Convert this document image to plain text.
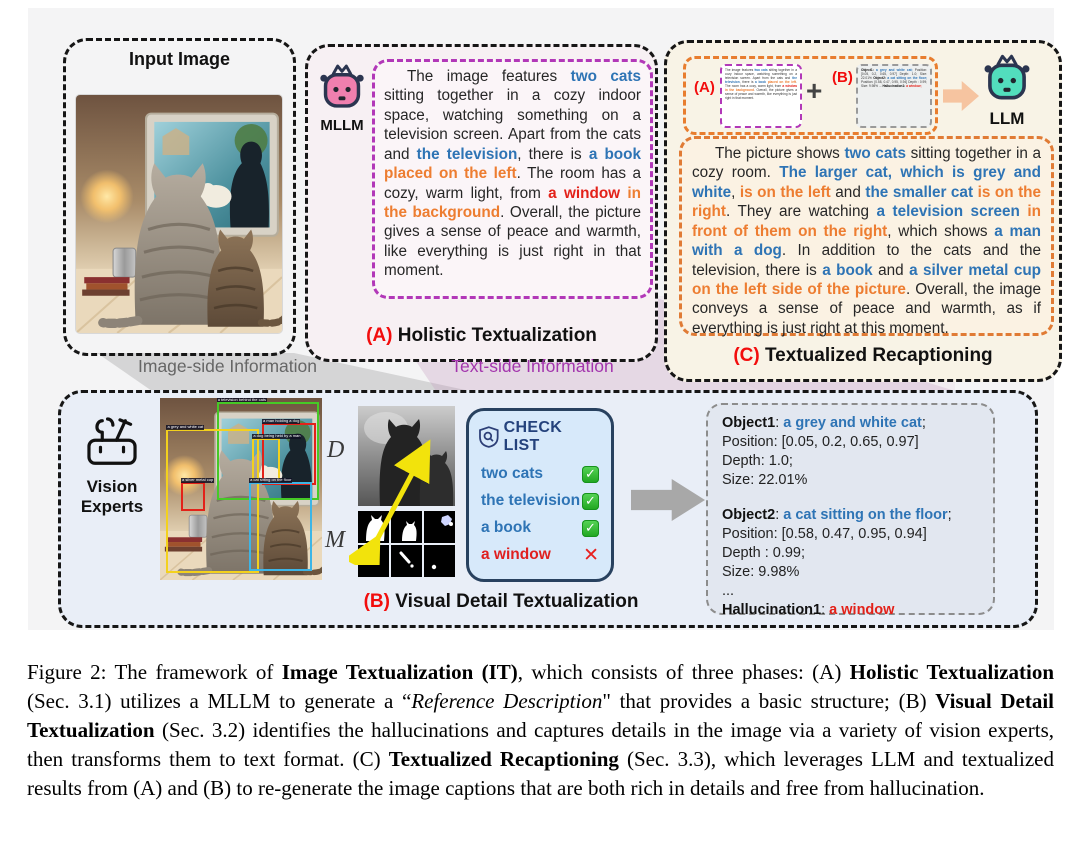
Input Image
MLLM
The image features two cats sitting together in a cozy indoor space, watching something on a television screen. Apart from the cats and the television, there is a book placed on the left. The room has a cozy, warm light, from a window in the background. Overall, the picture gives a sense of peace and warmth, like everything is just right in that moment.
(A) Holistic Textualization
Image-side Information	Text-side Information
(A)
The image features two cats sitting together in a cozy indoor space, watching something on a television screen. Apart from the cats and the television, there is a book placed on the left. The room has a cozy, warm light, from a window in the background. Overall, the picture gives a sense of peace and warmth, like everything is just right in that moment.	+ (B)	Object1: a grey and white cat; Position: [0.05, 0.2, 0.65, 0.97] Depth: 1.0; Size: 22.01% Object2: a cat sitting on the floor; Position: [0.58, 0.47, 0.95, 0.94] Depth : 0.99; Size: 9.98% ... Hallucination1: a window;
LLM
The picture shows two cats sitting together in a cozy room. The larger cat, which is grey and white, is on the left and the smaller cat is on the right. They are watching a television screen in front of them on the right, which shows a man with a dog. In addition to the cats and the television, there is a book and a silver metal cup on the left side of the picture. Overall, the image conveys a sense of peace and warmth, as if everything is just right at this moment.
(C) Textualized Recaptioning
Vision
Experts
a television behind the cats
a grey and white cat
a man holding a dog
a dog being held by a man
a silver metal cup	a cat sitting on the floor
D
M
CHECK LIST
two cats	✓
the television ✓
a book	✓
a window ✕
Object1: a grey and white cat;
Position: [0.05, 0.2, 0.65, 0.97]
Depth: 1.0;
Size: 22.01%
Object2: a cat sitting on the floor;
Position: [0.58, 0.47, 0.95, 0.94]
Depth : 0.99;
Size: 9.98%
...
Hallucination1: a window
(B) Visual Detail Textualization

Figure 2: The framework of Image Textualization (IT), which consists of three phases: (A) Holistic Textualization (Sec. 3.1) utilizes a MLLM to generate a “Reference Description" that provides a basic structure; (B) Visual Detail Textualization (Sec. 3.2) identifies the hallucinations and captures details in the image via a variety of vision experts, then transforms them to text format. (C) Textualized Recaptioning (Sec. 3.3), which leverages LLM and textualized results from (A) and (B) to re-generate the image captions that are both rich in details and free from hallucination.
